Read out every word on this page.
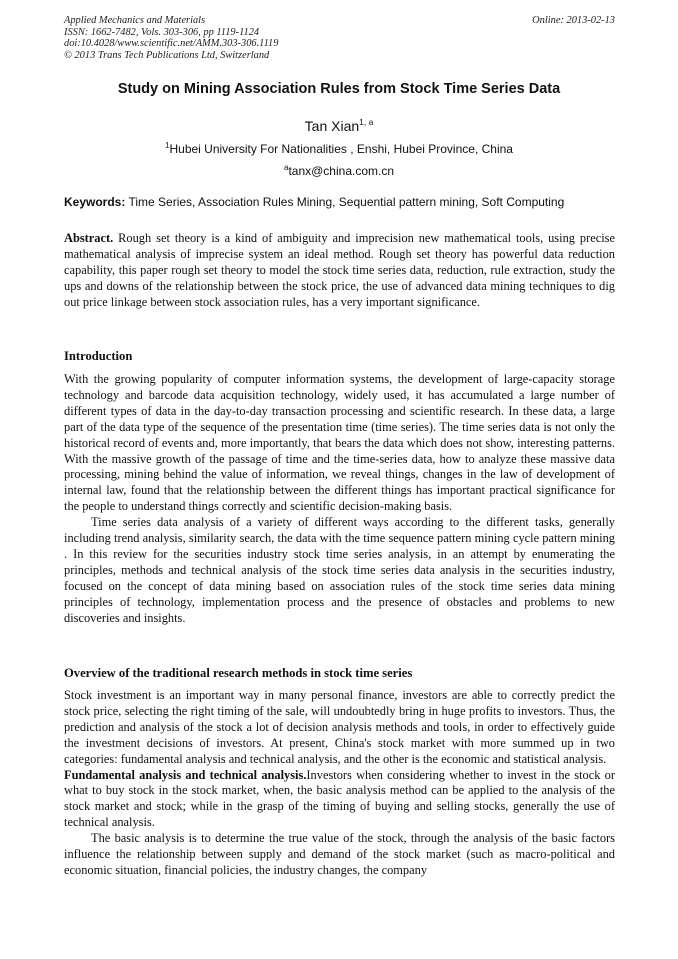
Applied Mechanics and Materials	Online: 2013-02-13
ISSN: 1662-7482, Vols. 303-306, pp 1119-1124
doi:10.4028/www.scientific.net/AMM.303-306.1119
© 2013 Trans Tech Publications Ltd, Switzerland
Study on Mining Association Rules from Stock Time Series Data
Tan Xian$^{1, a}$
$^1$Hubei University For Nationalities , Enshi, Hubei Province, China
$^a$tanx@china.com.cn
Keywords: Time Series, Association Rules Mining, Sequential pattern mining, Soft Computing

Abstract. Rough set theory is a kind of ambiguity and imprecision new mathematical tools, using precise mathematical analysis of imprecise system an ideal method. Rough set theory has powerful data reduction capability, this paper rough set theory to model the stock time series data, reduction, rule extraction, study the ups and downs of the relationship between the stock price, the use of advanced data mining techniques to dig out price linkage between stock association rules, has a very important significance.

Introduction

With the growing popularity of computer information systems, the development of large-capacity storage technology and barcode data acquisition technology, widely used, it has accumulated a large number of different types of data in the day-to-day transaction processing and scientific research. In these data, a large part of the data type of the sequence of the presentation time (time series). The time series data is not only the historical record of events and, more importantly, that bears the data which does not show, interesting patterns. With the massive growth of the passage of time and the time-series data, how to analyze these massive data processing, mining behind the value of information, we reveal things, changes in the law of development of internal law, found that the relationship between the different things has important practical significance for the people to understand things correctly and scientific decision-making basis.

Time series data analysis of a variety of different ways according to the different tasks, generally including trend analysis, similarity search, the data with the time sequence pattern mining cycle pattern mining . In this review for the securities industry stock time series analysis, in an attempt by enumerating the principles, methods and technical analysis of the stock time series data analysis in the securities industry, focused on the concept of data mining based on association rules of the stock time series data mining principles of technology, implementation process and the presence of obstacles and problems to new discoveries and insights.

Overview of the traditional research methods in stock time series

Stock investment is an important way in many personal finance, investors are able to correctly predict the stock price, selecting the right timing of the sale, will undoubtedly bring in huge profits to investors. Thus, the prediction and analysis of the stock a lot of decision analysis methods and tools, in order to effectively guide the investment decisions of investors. At present, China's stock market with more summed up in two categories: fundamental analysis and technical analysis, and the other is the economic and statistical analysis.

Fundamental analysis and technical analysis.Investors when considering whether to invest in the stock or what to buy stock in the stock market, when, the basic analysis method can be applied to the analysis of the stock market and stock; while in the grasp of the timing of buying and selling stocks, generally the use of technical analysis.

The basic analysis is to determine the true value of the stock, through the analysis of the basic factors influence the relationship between supply and demand of the stock market (such as macro-political and economic situation, financial policies, the industry changes, the company
